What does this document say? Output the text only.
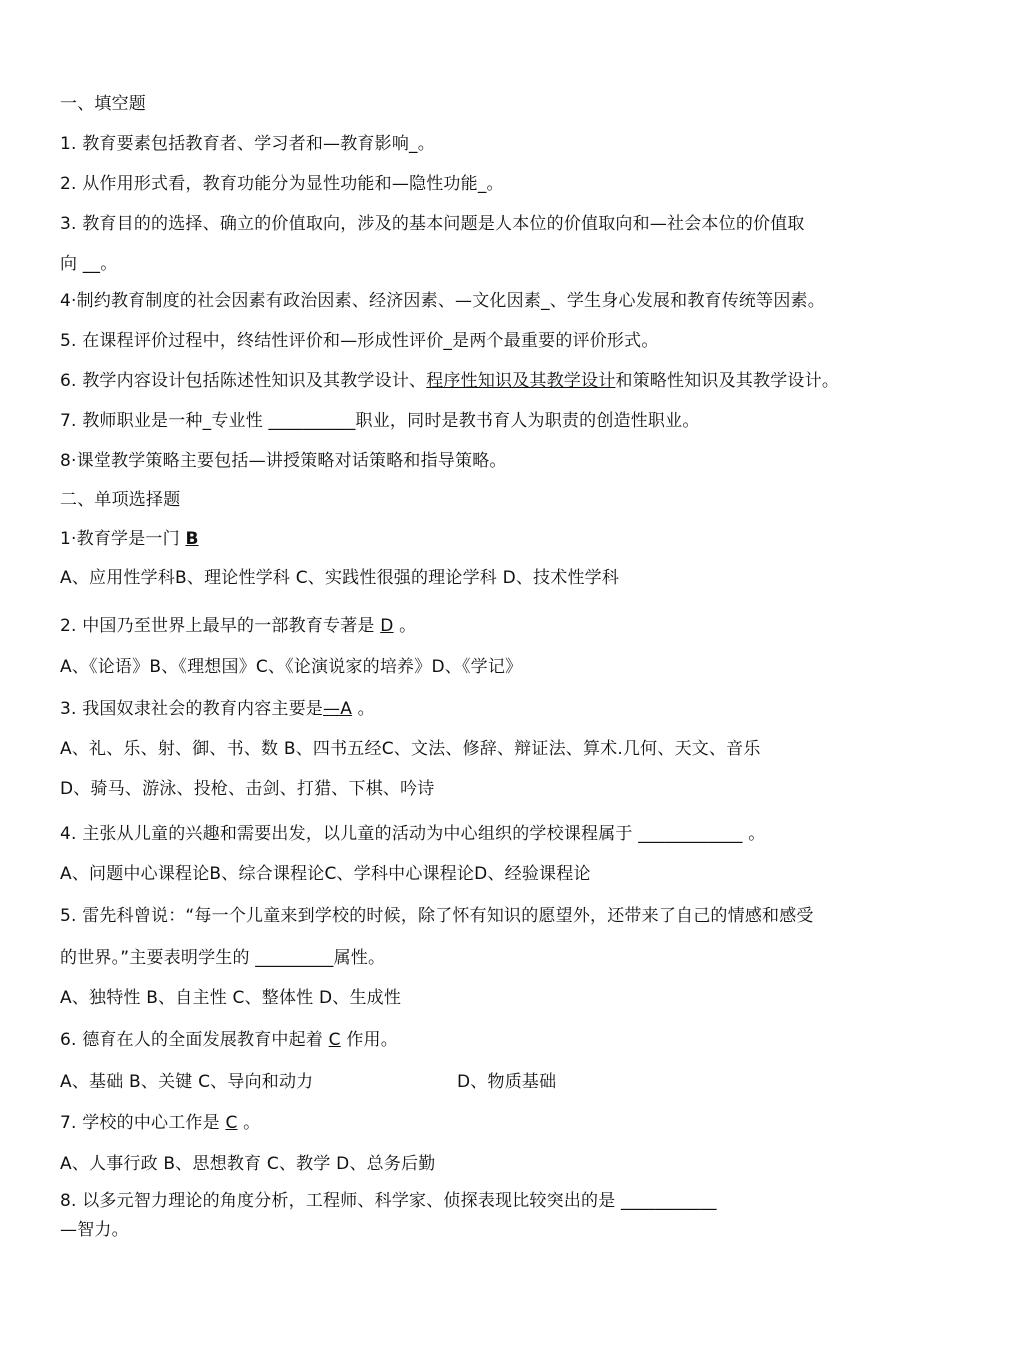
一、填空题
1. 教育要素包括教育者、学习者和—教育影响_。
2. 从作用形式看，教育功能分为显性功能和—隐性功能_。
3. 教育目的的选择、确立的价值取向，涉及的基本问题是人本位的价值取向和—社会本位的价值取
向 __。
4·制约教育制度的社会因素有政治因素、经济因素、—文化因素_、学生身心发展和教育传统等因素。
5. 在课程评价过程中，终结性评价和—形成性评价_是两个最重要的评价形式。
6. 教学内容设计包括陈述性知识及其教学设计、程序性知识及其教学设计和策略性知识及其教学设计。
7. 教师职业是一种_专业性 __________职业，同时是教书育人为职责的创造性职业。
8·课堂教学策略主要包括—讲授策略对话策略和指导策略。
二、单项选择题
1·教育学是一门 B
A、应用性学科B、理论性学科 C、实践性很强的理论学科 D、技术性学科
2. 中国乃至世界上最早的一部教育专著是 D 。
A、《论语》B、《理想国》C、《论演说家的培养》D、《学记》
3. 我国奴隶社会的教育内容主要是—A 。
A、礼、乐、射、御、书、数 B、四书五经C、文法、修辞、辩证法、算术.几何、天文、音乐
D、骑马、游泳、投枪、击剑、打猎、下棋、吟诗
4. 主张从儿童的兴趣和需要出发，以儿童的活动为中心组织的学校课程属于 ____________ 。
A、问题中心课程论B、综合课程论C、学科中心课程论D、经验课程论
5. 雷先科曾说：“每一个儿童来到学校的时候，除了怀有知识的愿望外，还带来了自己的情感和感受
的世界。”主要表明学生的 _________属性。
A、独特性 B、自主性 C、整体性 D、生成性
6. 德育在人的全面发展教育中起着 C 作用。
A、基础 B、关键 C、导向和动力	D、物质基础
7. 学校的中心工作是 C 。
A、人事行政 B、思想教育 C、教学 D、总务后勤
8. 以多元智力理论的角度分析，工程师、科学家、侦探表现比较突出的是 ___________
—智力。
